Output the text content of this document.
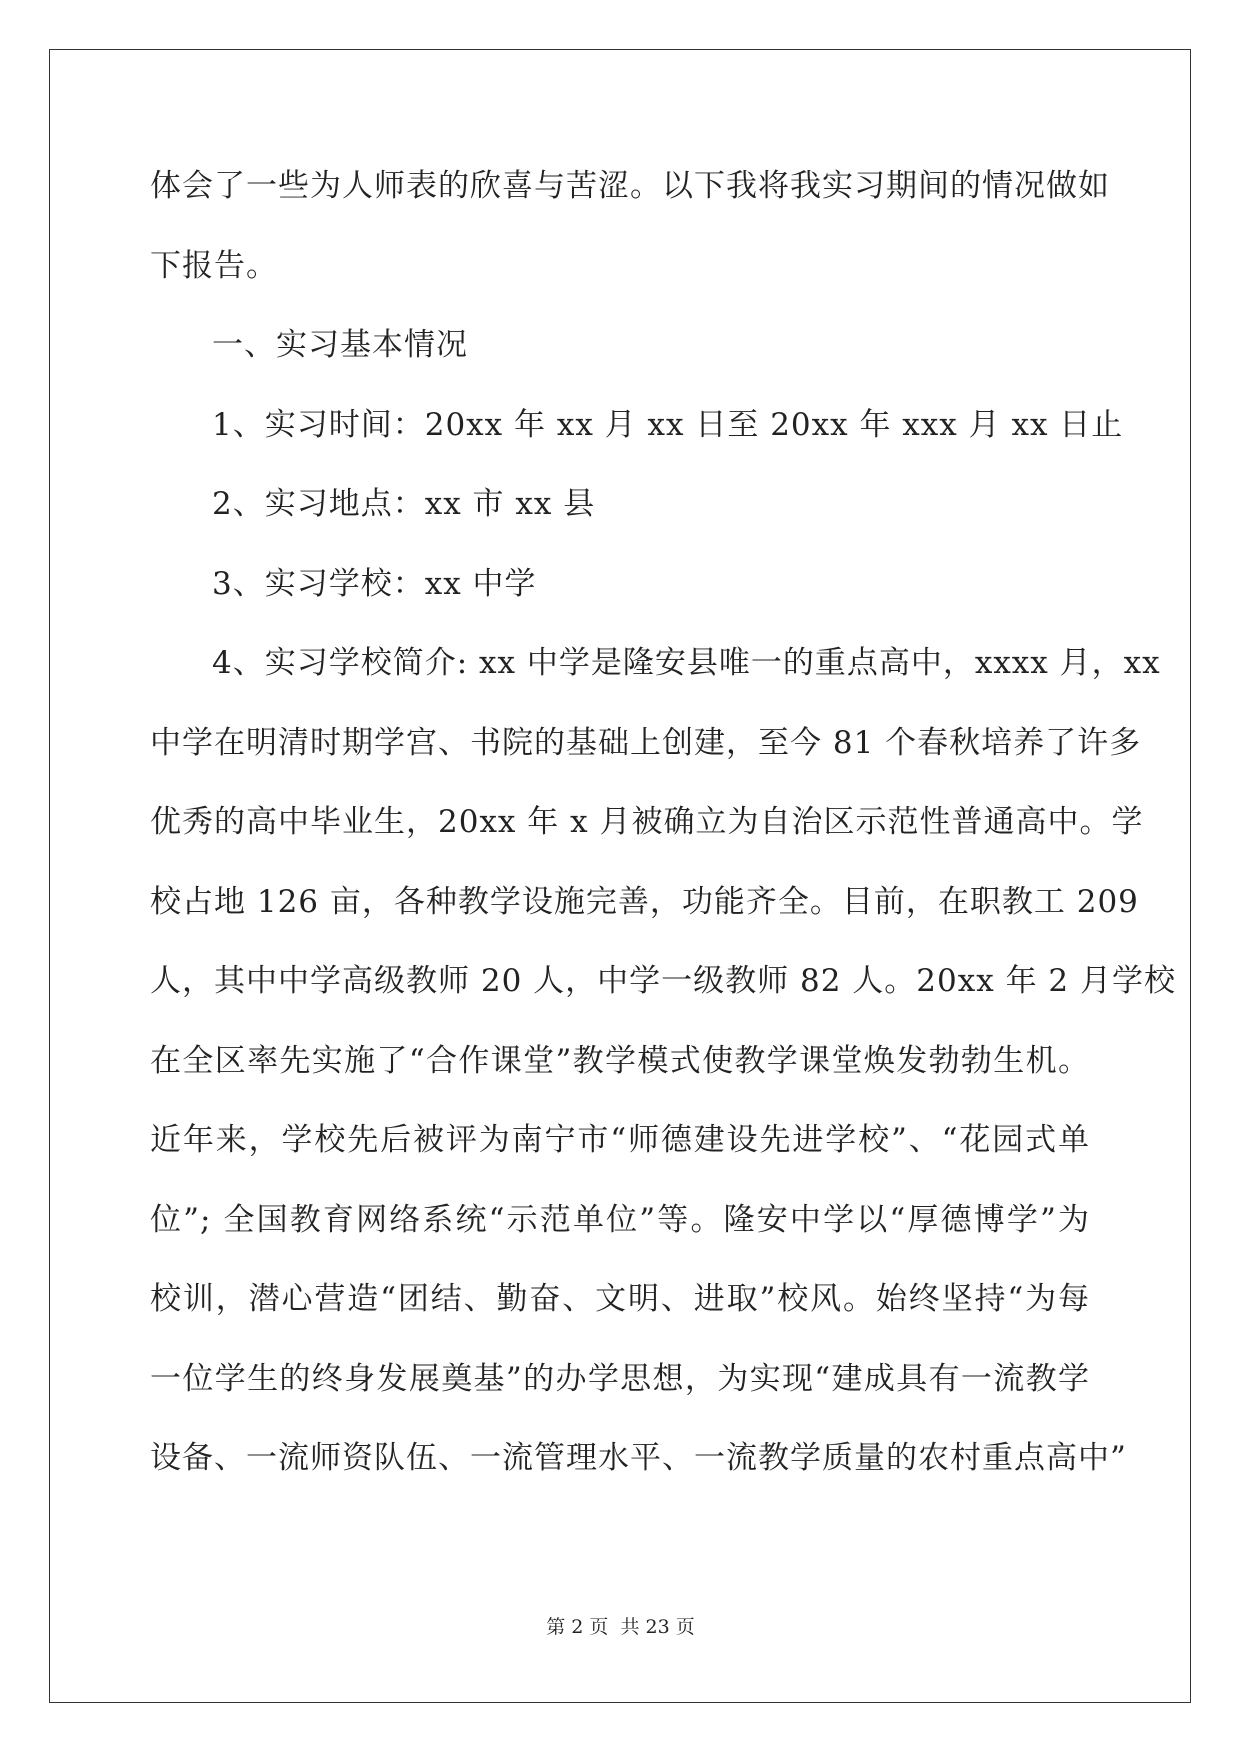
体会了一些为人师表的欣喜与苦涩。以下我将我实习期间的情况做如
下报告。
一、实习基本情况
1、实习时间：20xx 年 xx 月 xx 日至 20xx 年 xxx 月 xx 日止
2、实习地点：xx 市 xx 县
3、实习学校：xx 中学
4、实习学校简介: xx 中学是隆安县唯一的重点高中，xxxx 月，xx
中学在明清时期学宫、书院的基础上创建，至今 81 个春秋培养了许多
优秀的高中毕业生，20xx 年 x 月被确立为自治区示范性普通高中。学
校占地 126 亩，各种教学设施完善，功能齐全。目前，在职教工 209
人，其中中学高级教师 20 人，中学一级教师 82 人。20xx 年 2 月学校
在全区率先实施了“合作课堂”教学模式使教学课堂焕发勃勃生机。
近年来，学校先后被评为南宁市“师德建设先进学校”、“花园式单
位”; 全国教育网络系统“示范单位”等。隆安中学以“厚德博学”为
校训，潜心营造“团结、勤奋、文明、进取”校风。始终坚持“为每
一位学生的终身发展奠基”的办学思想，为实现“建成具有一流教学
设备、一流师资队伍、一流管理水平、一流教学质量的农村重点高中”
第 2 页 共 23 页
